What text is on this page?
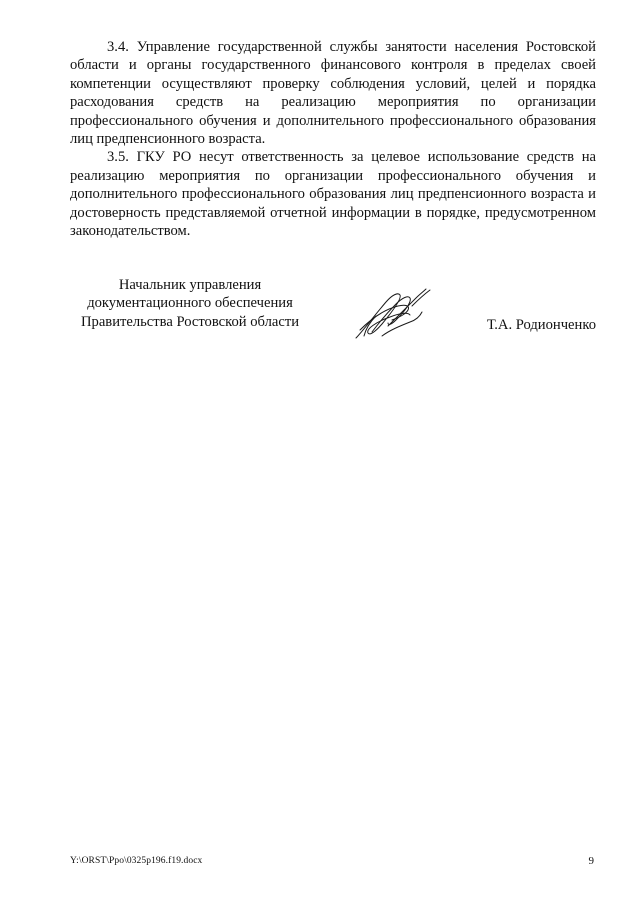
3.4. Управление государственной службы занятости населения Ростовской области и органы государственного финансового контроля в пределах своей компетенции осуществляют проверку соблюдения условий, целей и порядка расходования средств на реализацию мероприятия по организации профессионального обучения и дополнительного профессионального образования лиц предпенсионного возраста.

3.5. ГКУ РО несут ответственность за целевое использование средств на реализацию мероприятия по организации профессионального обучения и дополнительного профессионального образования лиц предпенсионного возраста и достоверность представляемой отчетной информации в порядке, предусмотренном законодательством.

Начальник управления
документационного обеспечения
Правительства Ростовской области	Т.А. Родионченко
Y:\ORST\Ppo\0325p196.f19.docx	9
